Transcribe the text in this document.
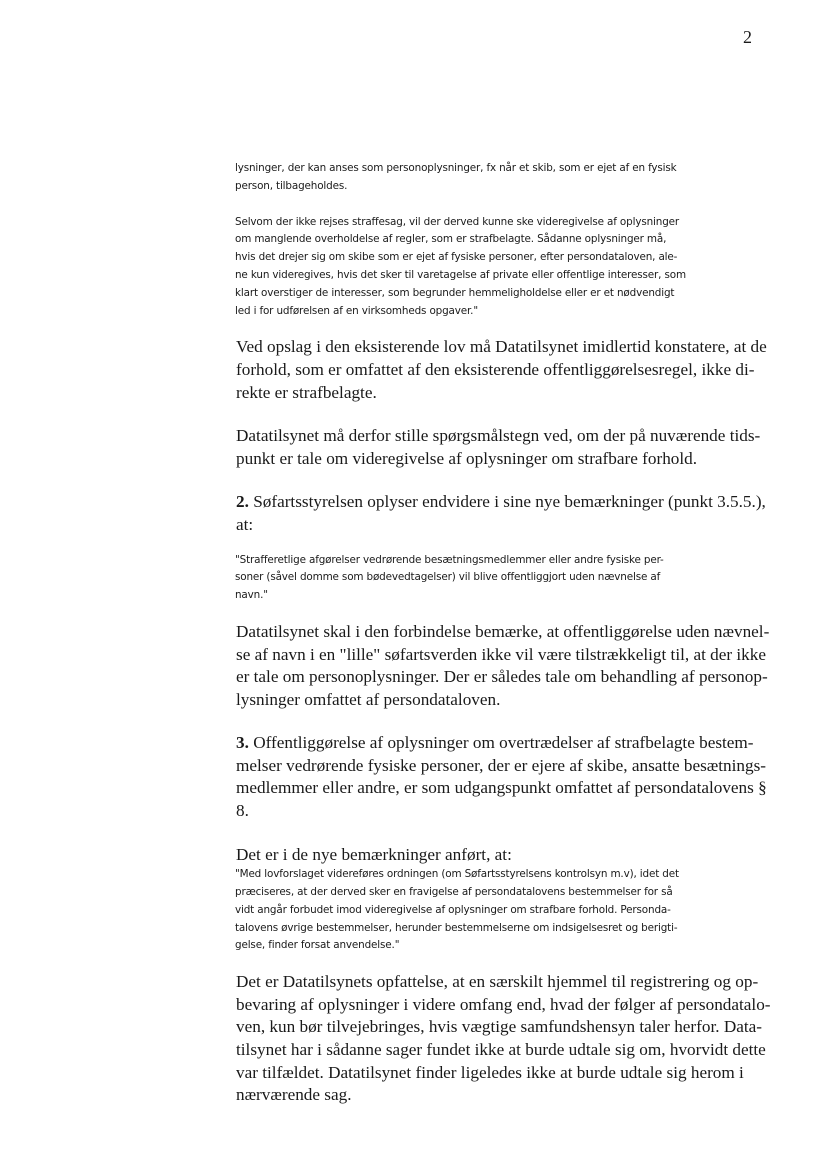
2
lysninger, der kan anses som personoplysninger, fx når et skib, som er ejet af en fysisk
person, tilbageholdes.
Selvom der ikke rejses straffesag, vil der derved kunne ske videregivelse af oplysninger
om manglende overholdelse af regler, som er strafbelagte. Sådanne oplysninger må,
hvis det drejer sig om skibe som er ejet af fysiske personer, efter persondataloven, ale-
ne kun videregives, hvis det sker til varetagelse af private eller offentlige interesser, som
klart overstiger de interesser, som begrunder hemmeligholdelse eller er et nødvendigt
led i for udførelsen af en virksomheds opgaver."
Ved opslag i den eksisterende lov må Datatilsynet imidlertid konstatere, at de
forhold, som er omfattet af den eksisterende offentliggørelsesregel, ikke di-
rekte er strafbelagte.
Datatilsynet må derfor stille spørgsmålstegn ved, om der på nuværende tids-
punkt er tale om videregivelse af oplysninger om strafbare forhold.
2. Søfartsstyrelsen oplyser endvidere i sine nye bemærkninger (punkt 3.5.5.),
at:
"Strafferetlige afgørelser vedrørende besætningsmedlemmer eller andre fysiske per-
soner (såvel domme som bødevedtagelser) vil blive offentliggjort uden nævnelse af
navn."
Datatilsynet skal i den forbindelse bemærke, at offentliggørelse uden nævnel-
se af navn i en "lille" søfartsverden ikke vil være tilstrækkeligt til, at der ikke
er tale om personoplysninger. Der er således tale om behandling af personop-
lysninger omfattet af persondataloven.
3. Offentliggørelse af oplysninger om overtrædelser af strafbelagte bestem-
melser vedrørende fysiske personer, der er ejere af skibe, ansatte besætnings-
medlemmer eller andre, er som udgangspunkt omfattet af persondatalovens §
8.
Det er i de nye bemærkninger anført, at:
"Med lovforslaget videreføres ordningen (om Søfartsstyrelsens kontrolsyn m.v), idet det
præciseres, at der derved sker en fravigelse af persondatalovens bestemmelser for så
vidt angår forbudet imod videregivelse af oplysninger om strafbare forhold. Persondа-
talovens øvrige bestemmelser, herunder bestemmelserne om indsigelsesret og berigti-
gelse, finder forsat anvendelse."
Det er Datatilsynets opfattelse, at en særskilt hjemmel til registrering og op-
bevaring af oplysninger i videre omfang end, hvad der følger af persondatalo-
ven, kun bør tilvejebringes, hvis vægtige samfundshensyn taler herfor. Data-
tilsynet har i sådanne sager fundet ikke at burde udtale sig om, hvorvidt dette
var tilfældet. Datatilsynet finder ligeledes ikke at burde udtale sig herom i
nærværende sag.
